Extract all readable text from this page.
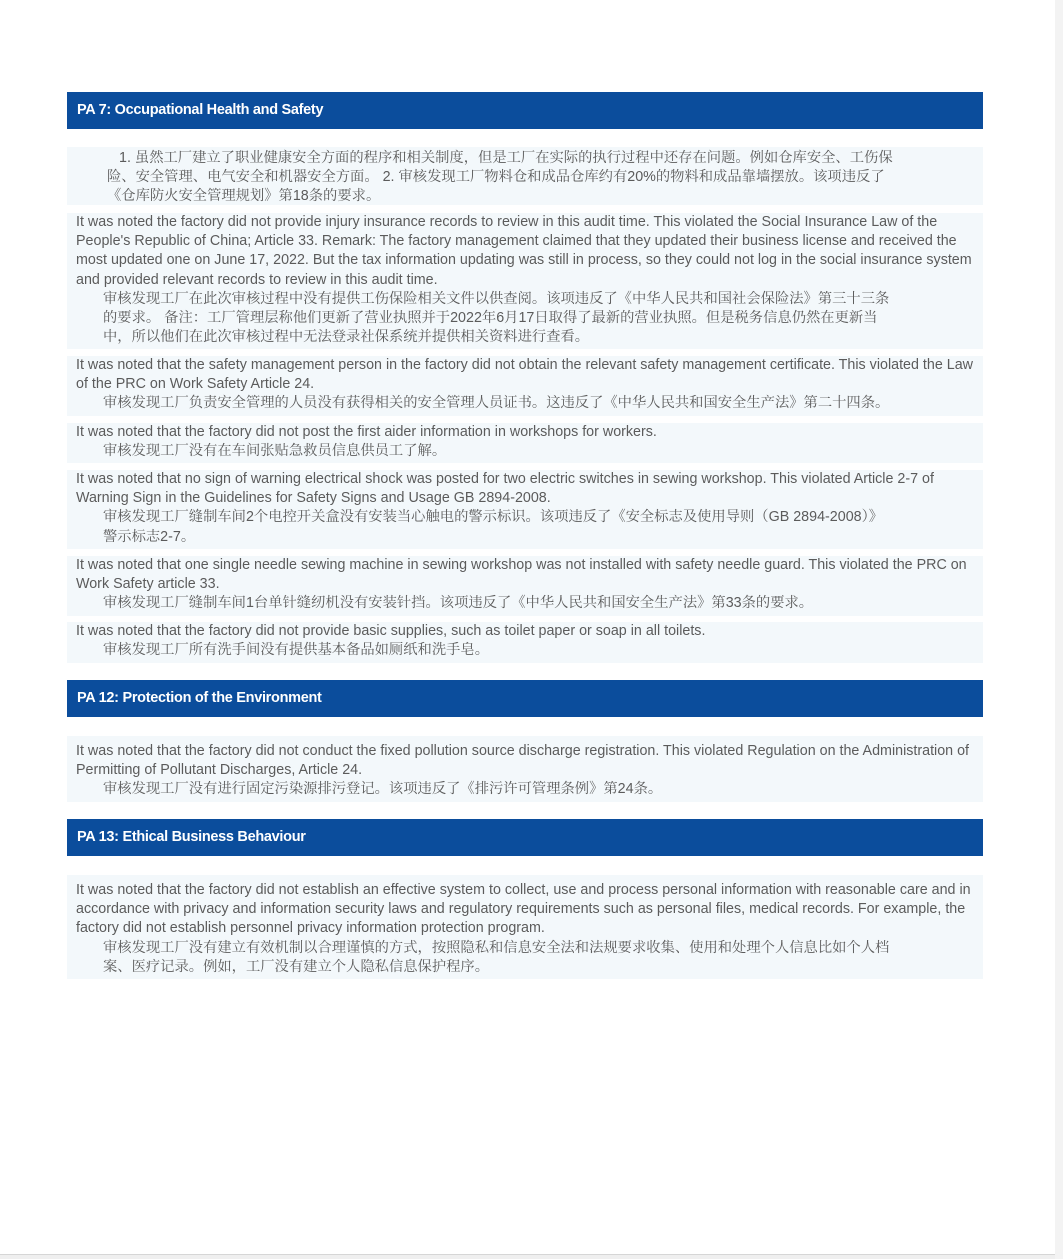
PA 7: Occupational Health and Safety

1. 虽然工厂建立了职业健康安全方面的程序和相关制度，但是工厂在实际的执行过程中还存在问题。例如仓库安全、工伤保

险、安全管理、电气安全和机器安全方面。 2. 审核发现工厂物料仓和成品仓库约有20%的物料和成品靠墙摆放。该项违反了

《仓库防火安全管理规划》第18条的要求。

It was noted the factory did not provide injury insurance records to review in this audit time. This violated the Social Insurance Law of the People's Republic of China; Article 33. Remark: The factory management claimed that they updated their business license and received the most updated one on June 17, 2022. But the tax information updating was still in process, so they could not log in the social insurance system and provided relevant records to review in this audit time.

审核发现工厂在此次审核过程中没有提供工伤保险相关文件以供查阅。该项违反了《中华人民共和国社会保险法》第三十三条

的要求。 备注：工厂管理层称他们更新了营业执照并于2022年6月17日取得了最新的营业执照。但是税务信息仍然在更新当

中，所以他们在此次审核过程中无法登录社保系统并提供相关资料进行查看。

It was noted that the safety management person in the factory did not obtain the relevant safety management certificate. This violated the Law of the PRC on Work Safety Article 24.

审核发现工厂负责安全管理的人员没有获得相关的安全管理人员证书。这违反了《中华人民共和国安全生产法》第二十四条。

It was noted that the factory did not post the first aider information in workshops for workers.

审核发现工厂没有在车间张贴急救员信息供员工了解。

It was noted that no sign of warning electrical shock was posted for two electric switches in sewing workshop. This violated Article 2-7 of Warning Sign in the Guidelines for Safety Signs and Usage GB 2894-2008.

审核发现工厂缝制车间2个电控开关盒没有安装当心触电的警示标识。该项违反了《安全标志及使用导则（GB 2894-2008）》

警示标志2-7。

It was noted that one single needle sewing machine in sewing workshop was not installed with safety needle guard. This violated the PRC on Work Safety article 33.

审核发现工厂缝制车间1台单针缝纫机没有安装针挡。该项违反了《中华人民共和国安全生产法》第33条的要求。

It was noted that the factory did not provide basic supplies, such as toilet paper or soap in all toilets.

审核发现工厂所有洗手间没有提供基本备品如厕纸和洗手皂。

PA 12: Protection of the Environment

It was noted that the factory did not conduct the fixed pollution source discharge registration. This violated Regulation on the Administration of Permitting of Pollutant Discharges, Article 24.

审核发现工厂没有进行固定污染源排污登记。该项违反了《排污许可管理条例》第24条。

PA 13: Ethical Business Behaviour

It was noted that the factory did not establish an effective system to collect, use and process personal information with reasonable care and in accordance with privacy and information security laws and regulatory requirements such as personal files, medical records. For example, the factory did not establish personnel privacy information protection program.

审核发现工厂没有建立有效机制以合理谨慎的方式，按照隐私和信息安全法和法规要求收集、使用和处理个人信息比如个人档

案、医疗记录。例如，工厂没有建立个人隐私信息保护程序。
